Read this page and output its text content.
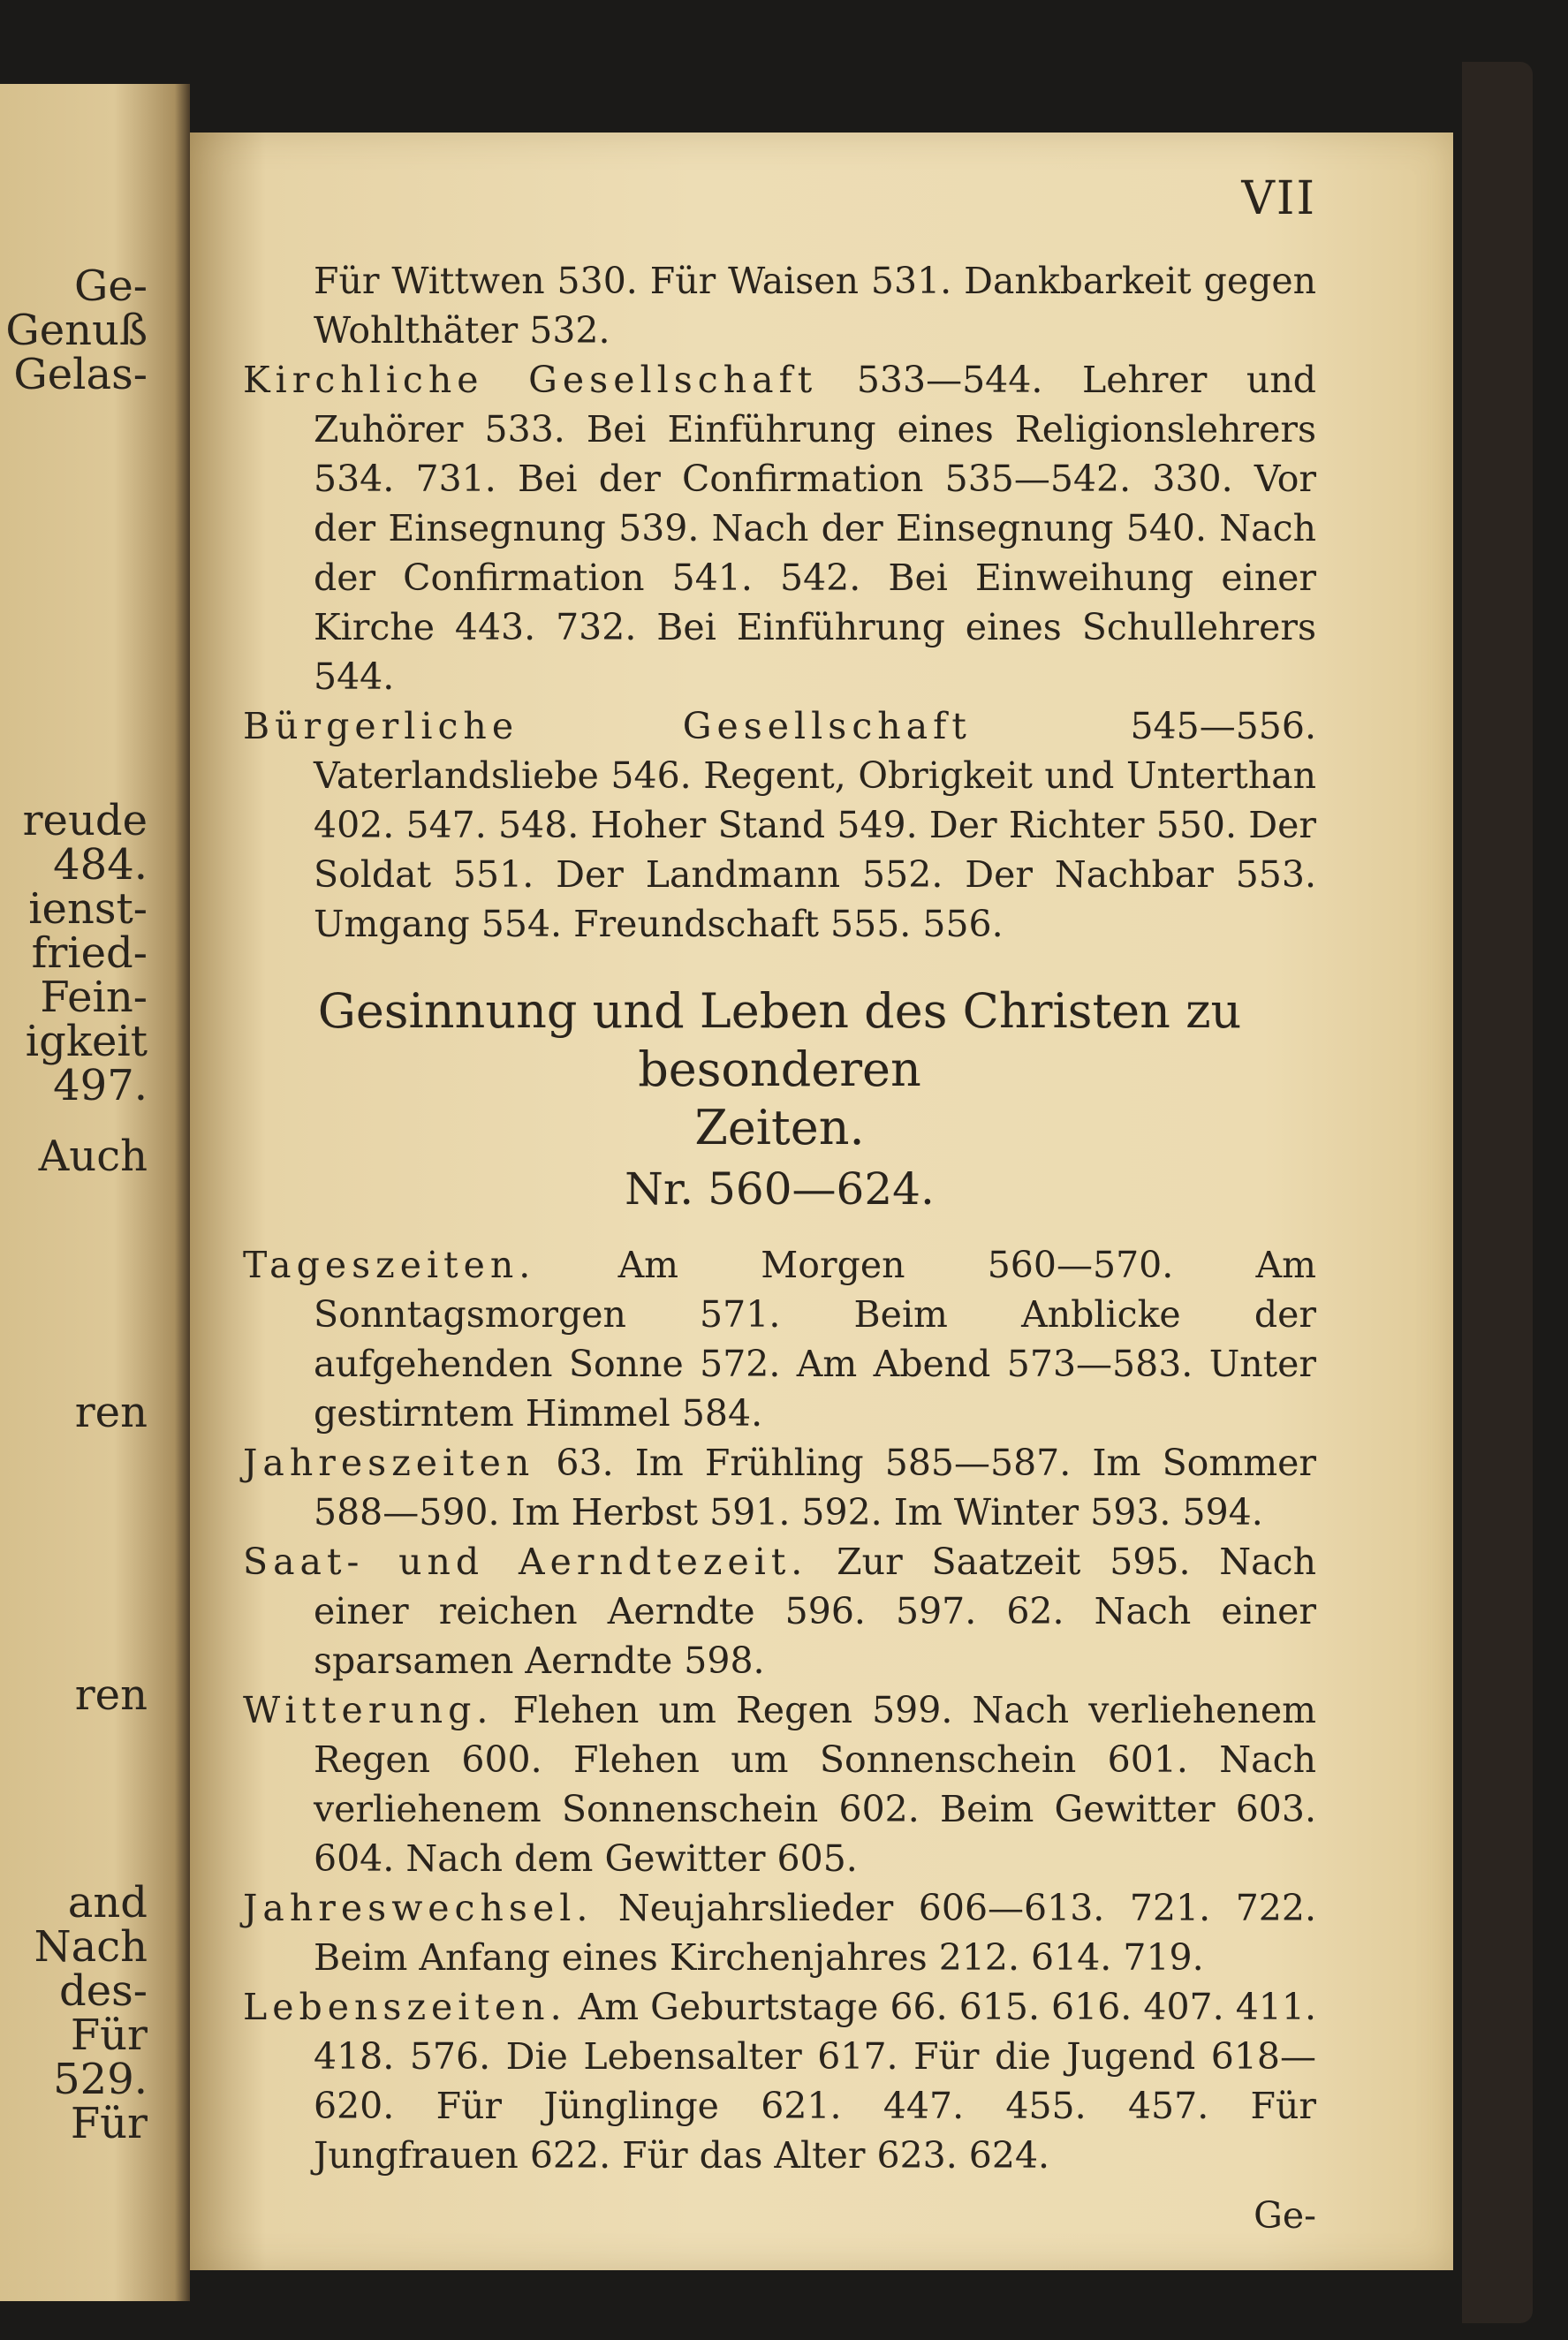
Ge-
Genuß
Gelas-
reude
484.
ienst-
fried-
Fein-
igkeit
497.
Auch
ren
ren
and
Nach
des-
Für
529.
Für
VII

Für Wittwen 530. Für Waisen 531. Dankbarkeit gegen Wohlthäter 532.

Kirchliche Gesellschaft 533—544. Lehrer und Zuhörer 533. Bei Einführung eines Religionslehrers 534. 731. Bei der Confirmation 535—542. 330. Vor der Einsegnung 539. Nach der Einsegnung 540. Nach der Confirmation 541. 542. Bei Einweihung einer Kirche 443. 732. Bei Einführung eines Schullehrers 544.

Bürgerliche Gesellschaft	545—556. Vaterlandsliebe 546. Regent, Obrigkeit und Unterthan 402. 547. 548. Hoher Stand 549. Der Richter 550. Der Soldat 551. Der Landmann 552. Der Nachbar 553. Umgang 554. Freundschaft 555. 556.

Gesinnung und Leben des Christen zu besonderen

Zeiten.

Nr. 560—624.

Tageszeiten. Am Morgen 560—570. Am Sonntagsmorgen 571. Beim Anblicke der aufgehenden Sonne 572. Am Abend 573—583. Unter gestirntem Himmel 584.

Jahreszeiten 63. Im Frühling 585—587. Im Sommer 588—590. Im Herbst 591. 592. Im Winter 593. 594.

Saat- und Aerndtezeit. Zur Saatzeit 595. Nach einer reichen Aerndte 596. 597. 62. Nach einer sparsamen Aerndte 598.

Witterung. Flehen um Regen 599. Nach verliehenem Regen 600. Flehen um Sonnenschein 601. Nach verliehenem Sonnenschein 602. Beim Gewitter 603. 604. Nach dem Gewitter 605.

Jahreswechsel. Neujahrslieder 606—613. 721. 722. Beim Anfang eines Kirchenjahres 212. 614. 719.

Lebenszeiten. Am Geburtstage 66. 615. 616. 407. 411. 418. 576. Die Lebensalter 617. Für die Jugend 618—620. Für Jünglinge 621. 447. 455. 457. Für Jungfrauen 622. Für das Alter 623. 624.

Ge-
